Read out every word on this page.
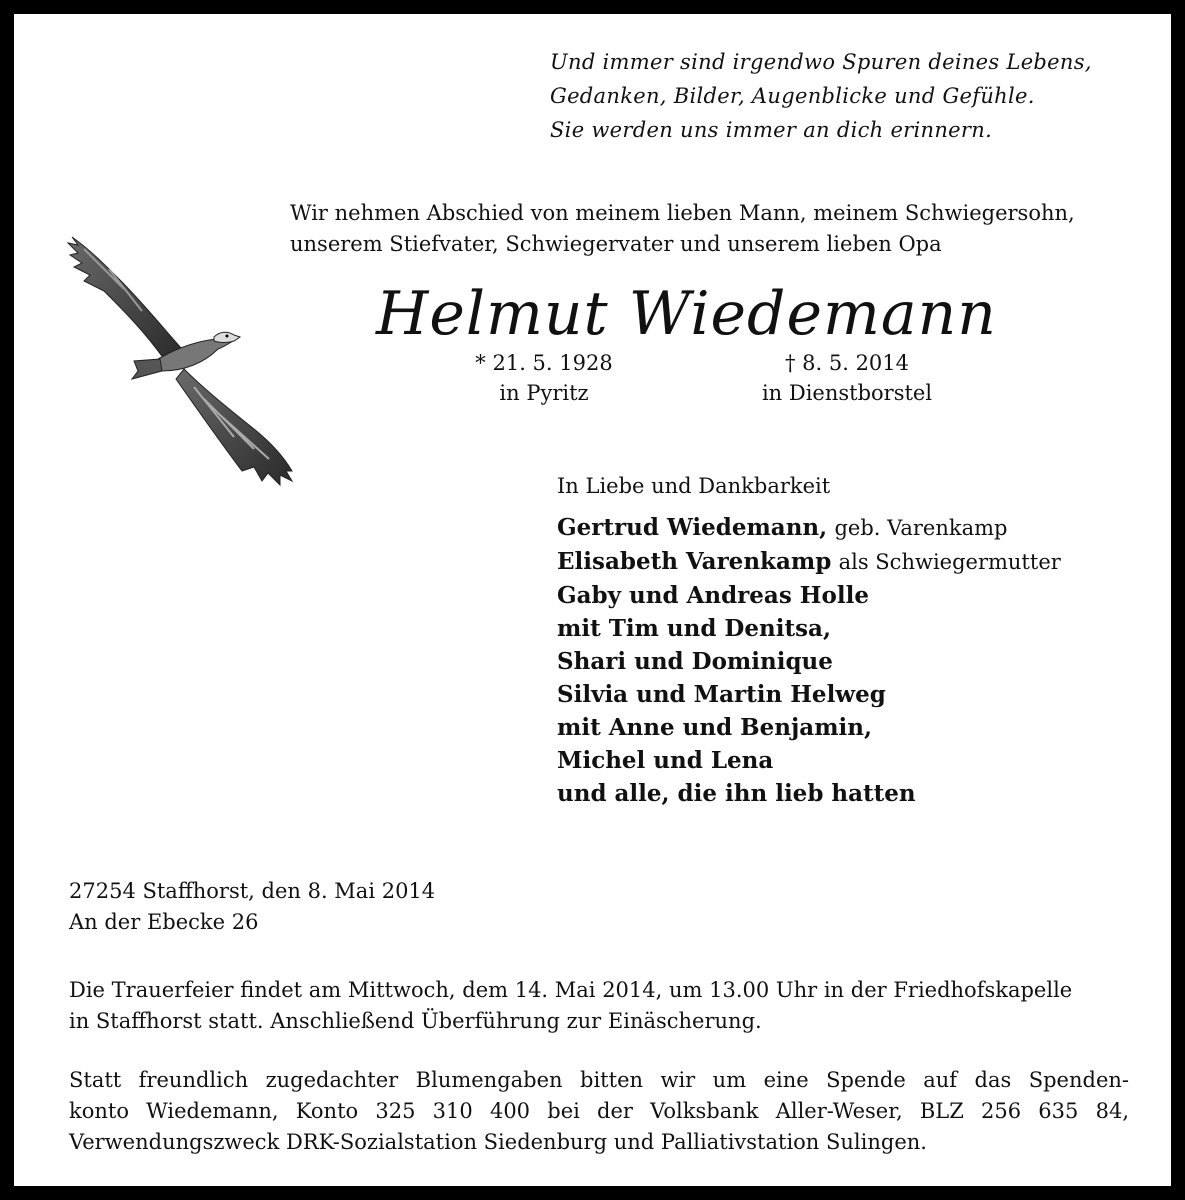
Und immer sind irgendwo Spuren deines Lebens,
Gedanken, Bilder, Augenblicke und Gefühle.
Sie werden uns immer an dich erinnern.
Wir nehmen Abschied von meinem lieben Mann, meinem Schwiegersohn,
unserem Stiefvater, Schwiegervater und unserem lieben Opa
Helmut Wiedemann
* 21. 5. 1928
in Pyritz
† 8. 5. 2014
in Dienstborstel
In Liebe und Dankbarkeit
Gertrud Wiedemann, geb. Varenkamp
Elisabeth Varenkamp als Schwiegermutter
Gaby und Andreas Holle
mit Tim und Denitsa,
Shari und Dominique
Silvia und Martin Helweg
mit Anne und Benjamin,
Michel und Lena
und alle, die ihn lieb hatten
27254 Staffhorst, den 8. Mai 2014
An der Ebecke 26
Die Trauerfeier findet am Mittwoch, dem 14. Mai 2014, um 13.00 Uhr in der Friedhofskapelle
in Staffhorst statt. Anschließend Überführung zur Einäscherung.
Statt freundlich zugedachter Blumengaben bitten wir um eine Spende auf das Spenden-
konto Wiedemann, Konto 325 310 400 bei der Volksbank Aller-Weser, BLZ 256 635 84,
Verwendungszweck DRK-Sozialstation Siedenburg und Palliativstation Sulingen.
